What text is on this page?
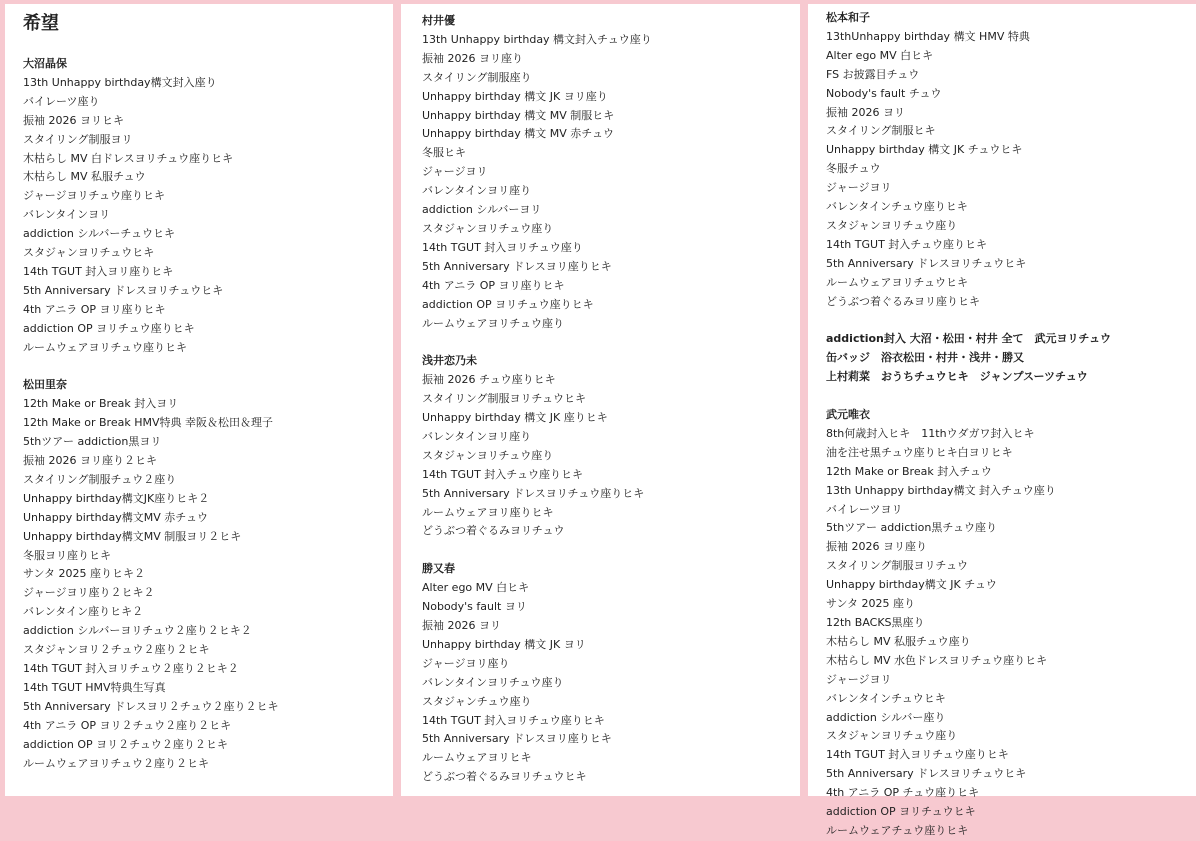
希望
大沼晶保
13th Unhappy birthday構文封入座り
バイレーツ座り
振袖 2026 ヨリヒキ
スタイリング制服ヨリ
木枯らし MV 白ドレスヨリチュウ座りヒキ
木枯らし MV 私服チュウ
ジャージヨリチュウ座りヒキ
バレンタインヨリ
addiction シルバーチュウヒキ
スタジャンヨリチュウヒキ
14th TGUT 封入ヨリ座りヒキ
5th Anniversary ドレスヨリチュウヒキ
4th アニラ OP ヨリ座りヒキ
addiction OP ヨリチュウ座りヒキ
ルームウェアヨリチュウ座りヒキ
松田里奈
12th Make or Break 封入ヨリ
12th Make or Break HMV特典 幸阪＆松田＆理子
5thツアー addiction黒ヨリ
振袖 2026 ヨリ座り２ヒキ
スタイリング制服チュウ２座り
Unhappy birthday構文JK座りヒキ２
Unhappy birthday構文MV 赤チュウ
Unhappy birthday構文MV 制服ヨリ２ヒキ
冬服ヨリ座りヒキ
サンタ 2025 座りヒキ２
ジャージヨリ座り２ヒキ２
バレンタイン座りヒキ２
addiction シルバーヨリチュウ２座り２ヒキ２
スタジャンヨリ２チュウ２座り２ヒキ
14th TGUT 封入ヨリチュウ２座り２ヒキ２
14th TGUT HMV特典生写真
5th Anniversary ドレスヨリ２チュウ２座り２ヒキ
4th アニラ OP ヨリ２チュウ２座り２ヒキ
addiction OP ヨリ２チュウ２座り２ヒキ
ルームウェアヨリチュウ２座り２ヒキ
村井優
13th Unhappy birthday 構文封入チュウ座り
振袖 2026 ヨリ座り
スタイリング制服座り
Unhappy birthday 構文 JK ヨリ座り
Unhappy birthday 構文 MV 制服ヒキ
Unhappy birthday 構文 MV 赤チュウ
冬服ヒキ
ジャージヨリ
バレンタインヨリ座り
addiction シルバーヨリ
スタジャンヨリチュウ座り
14th TGUT 封入ヨリチュウ座り
5th Anniversary ドレスヨリ座りヒキ
4th アニラ OP ヨリ座りヒキ
addiction OP ヨリチュウ座りヒキ
ルームウェアヨリチュウ座り
浅井恋乃未
振袖 2026 チュウ座りヒキ
スタイリング制服ヨリチュウヒキ
Unhappy birthday 構文 JK 座りヒキ
バレンタインヨリ座り
スタジャンヨリチュウ座り
14th TGUT 封入チュウ座りヒキ
5th Anniversary ドレスヨリチュウ座りヒキ
ルームウェアヨリ座りヒキ
どうぶつ着ぐるみヨリチュウ
勝又春
Alter ego MV 白ヒキ
Nobody's fault ヨリ
振袖 2026 ヨリ
Unhappy birthday 構文 JK ヨリ
ジャージヨリ座り
バレンタインヨリチュウ座り
スタジャンチュウ座り
14th TGUT 封入ヨリチュウ座りヒキ
5th Anniversary ドレスヨリ座りヒキ
ルームウェアヨリヒキ
どうぶつ着ぐるみヨリチュウヒキ
松本和子
13thUnhappy birthday 構文 HMV 特典
Alter ego MV 白ヒキ
FS お披露目チュウ
Nobody's fault チュウ
振袖 2026 ヨリ
スタイリング制服ヒキ
Unhappy birthday 構文 JK チュウヒキ
冬服チュウ
ジャージヨリ
バレンタインチュウ座りヒキ
スタジャンヨリチュウ座り
14th TGUT 封入チュウ座りヒキ
5th Anniversary ドレスヨリチュウヒキ
ルームウェアヨリチュウヒキ
どうぶつ着ぐるみヨリ座りヒキ
addiction封入 大沼・松田・村井 全て　武元ヨリチュウ
缶バッジ　浴衣松田・村井・浅井・勝又
上村莉菜　おうちチュウヒキ　ジャンプスーツチュウ
武元唯衣
8th何歳封入ヒキ　11thウダガワ封入ヒキ
油を注せ黒チュウ座りヒキ白ヨリヒキ
12th Make or Break 封入チュウ
13th Unhappy birthday構文 封入チュウ座り
バイレーツヨリ
5thツアー addiction黒チュウ座り
振袖 2026 ヨリ座り
スタイリング制服ヨリチュウ
Unhappy birthday構文 JK チュウ
サンタ 2025 座り
12th BACKS黒座り
木枯らし MV 私服チュウ座り
木枯らし MV 水色ドレスヨリチュウ座りヒキ
ジャージヨリ
バレンタインチュウヒキ
addiction シルバー座り
スタジャンヨリチュウ座り
14th TGUT 封入ヨリチュウ座りヒキ
5th Anniversary ドレスヨリチュウヒキ
4th アニラ OP チュウ座りヒキ
addiction OP ヨリチュウヒキ
ルームウェアチュウ座りヒキ
